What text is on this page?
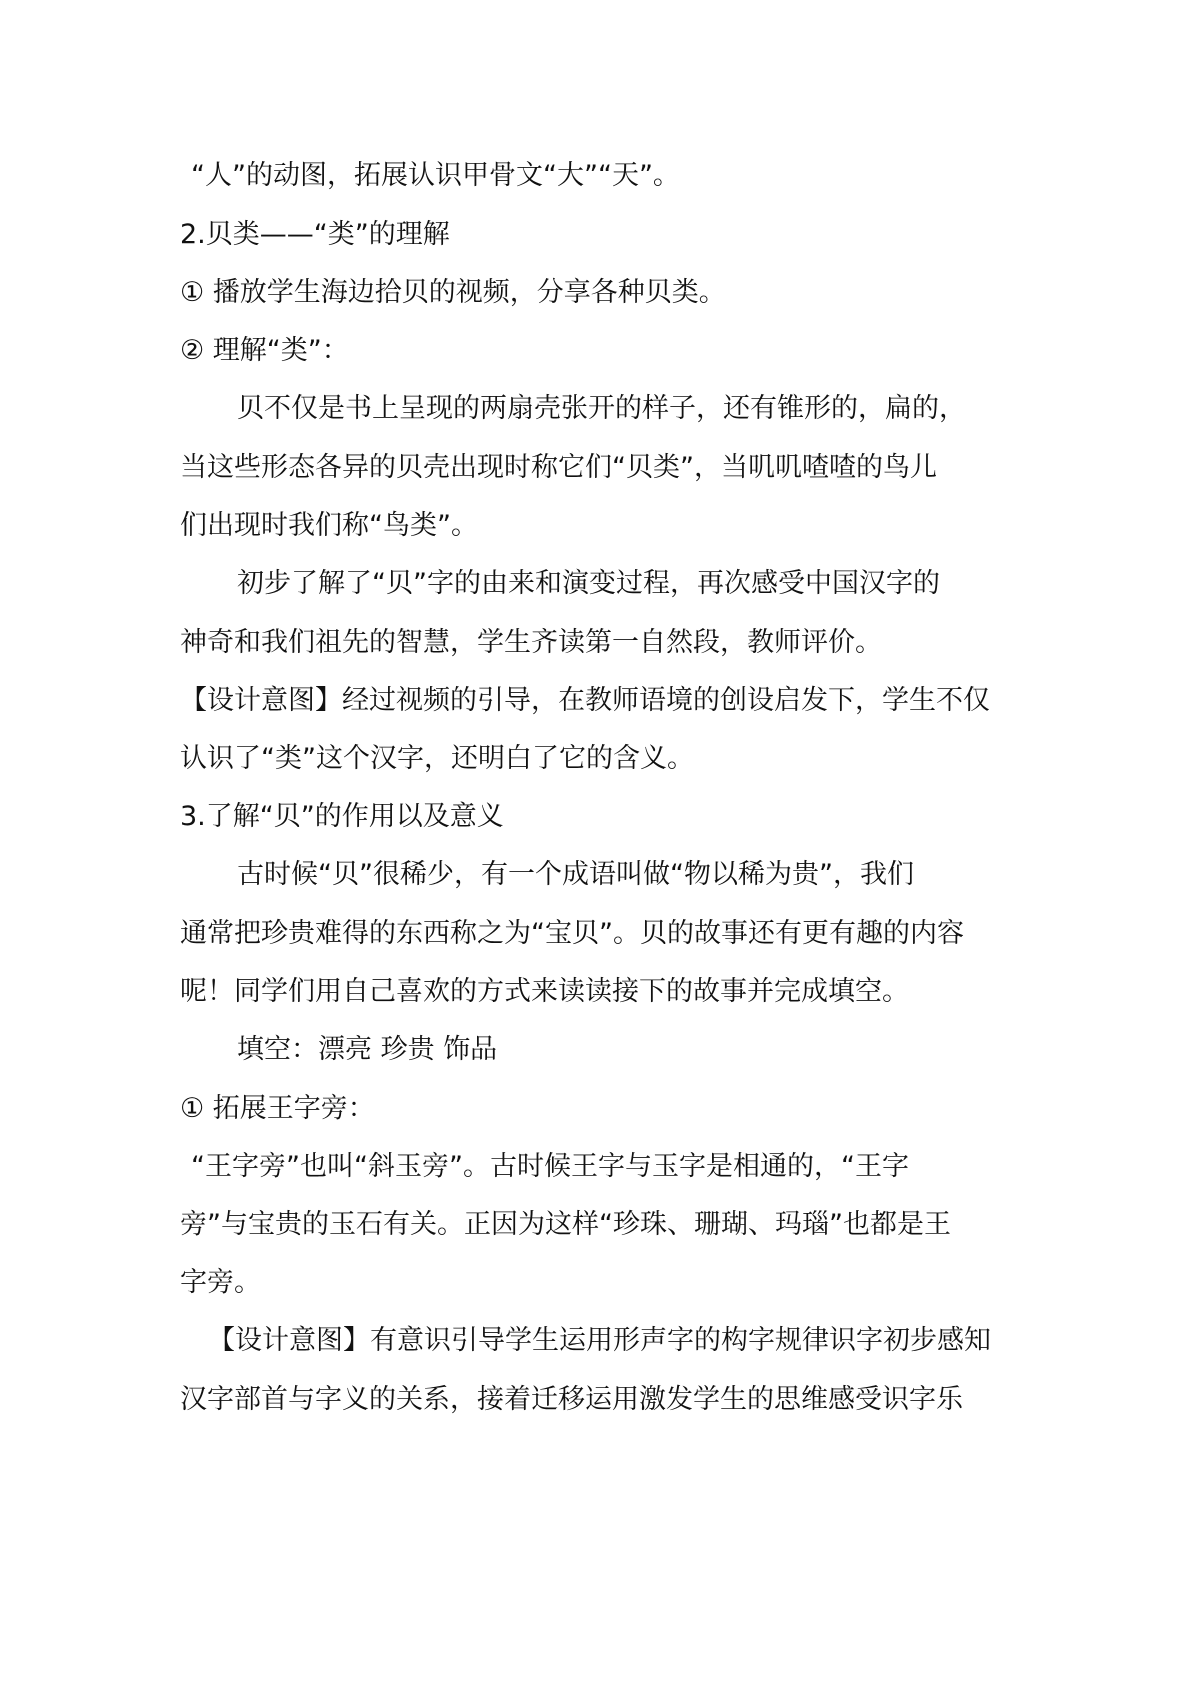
“人”的动图，拓展认识甲骨文“大”“天”。
2.贝类——“类”的理解
① 播放学生海边拾贝的视频，分享各种贝类。
② 理解“类”：
贝不仅是书上呈现的两扇壳张开的样子，还有锥形的，扁的，
当这些形态各异的贝壳出现时称它们“贝类”，当叽叽喳喳的鸟儿
们出现时我们称“鸟类”。
初步了解了“贝”字的由来和演变过程，再次感受中国汉字的
神奇和我们祖先的智慧，学生齐读第一自然段，教师评价。
【设计意图】经过视频的引导，在教师语境的创设启发下，学生不仅
认识了“类”这个汉字，还明白了它的含义。
3.了解“贝”的作用以及意义
古时候“贝”很稀少，有一个成语叫做“物以稀为贵”，我们
通常把珍贵难得的东西称之为“宝贝”。贝的故事还有更有趣的内容
呢！同学们用自己喜欢的方式来读读接下的故事并完成填空。
填空：漂亮 珍贵 饰品
① 拓展王字旁：
“王字旁”也叫“斜玉旁”。古时候王字与玉字是相通的，“王字
旁”与宝贵的玉石有关。正因为这样“珍珠、珊瑚、玛瑙”也都是王
字旁。
【设计意图】有意识引导学生运用形声字的构字规律识字初步感知
汉字部首与字义的关系，接着迁移运用激发学生的思维感受识字乐
